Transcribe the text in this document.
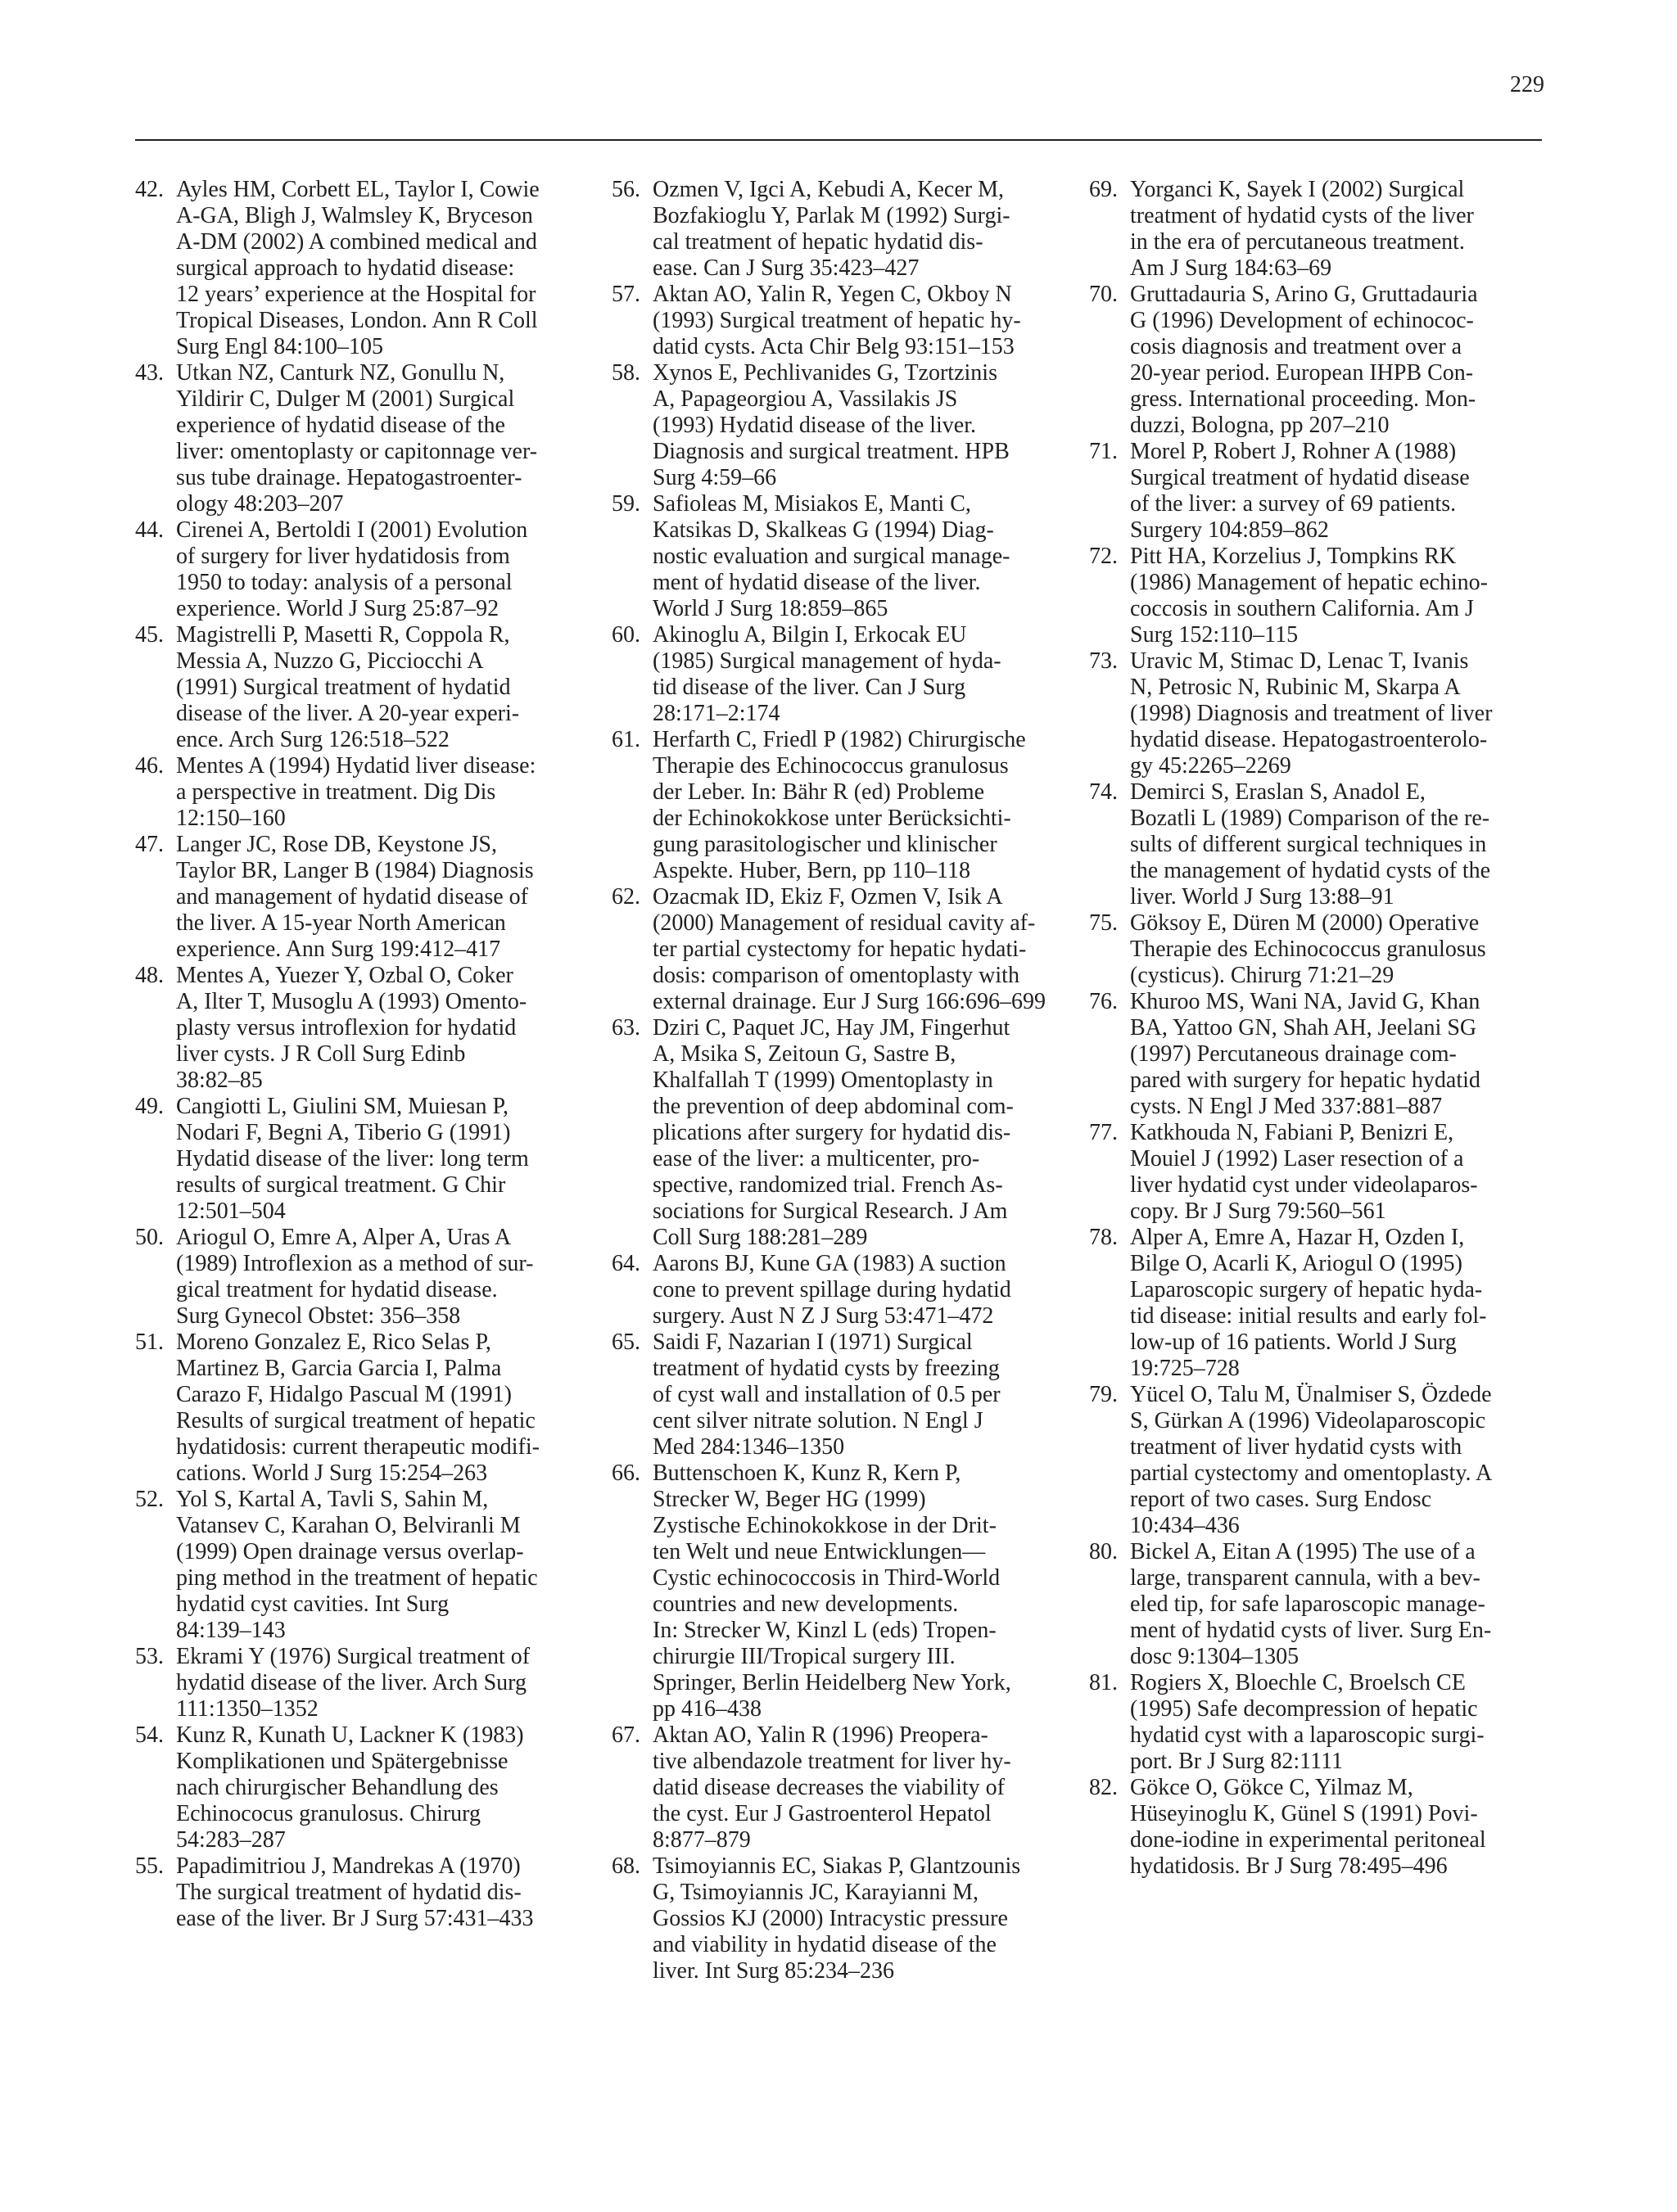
229
42. Ayles HM, Corbett EL, Taylor I, Cowie
A-GA, Bligh J, Walmsley K, Bryceson
A-DM (2002) A combined medical and
surgical approach to hydatid disease:
12 years’ experience at the Hospital for
Tropical Diseases, London. Ann R Coll
Surg Engl 84:100–105
43. Utkan NZ, Canturk NZ, Gonullu N,
Yildirir C, Dulger M (2001) Surgical
experience of hydatid disease of the
liver: omentoplasty or capitonnage ver-
sus tube drainage. Hepatogastroenter-
ology 48:203–207
44. Cirenei A, Bertoldi I (2001) Evolution
of surgery for liver hydatidosis from
1950 to today: analysis of a personal
experience. World J Surg 25:87–92
45. Magistrelli P, Masetti R, Coppola R,
Messia A, Nuzzo G, Picciocchi A
(1991) Surgical treatment of hydatid
disease of the liver. A 20-year experi-
ence. Arch Surg 126:518–522
46. Mentes A (1994) Hydatid liver disease:
a perspective in treatment. Dig Dis
12:150–160
47. Langer JC, Rose DB, Keystone JS,
Taylor BR, Langer B (1984) Diagnosis
and management of hydatid disease of
the liver. A 15-year North American
experience. Ann Surg 199:412–417
48. Mentes A, Yuezer Y, Ozbal O, Coker
A, Ilter T, Musoglu A (1993) Omento-
plasty versus introflexion for hydatid
liver cysts. J R Coll Surg Edinb
38:82–85
49. Cangiotti L, Giulini SM, Muiesan P,
Nodari F, Begni A, Tiberio G (1991)
Hydatid disease of the liver: long term
results of surgical treatment. G Chir
12:501–504
50. Ariogul O, Emre A, Alper A, Uras A
(1989) Introflexion as a method of sur-
gical treatment for hydatid disease.
Surg Gynecol Obstet: 356–358
51. Moreno Gonzalez E, Rico Selas P,
Martinez B, Garcia Garcia I, Palma
Carazo F, Hidalgo Pascual M (1991)
Results of surgical treatment of hepatic
hydatidosis: current therapeutic modifi-
cations. World J Surg 15:254–263
52. Yol S, Kartal A, Tavli S, Sahin M,
Vatansev C, Karahan O, Belviranli M
(1999) Open drainage versus overlap-
ping method in the treatment of hepatic
hydatid cyst cavities. Int Surg
84:139–143
53. Ekrami Y (1976) Surgical treatment of
hydatid disease of the liver. Arch Surg
111:1350–1352
54. Kunz R, Kunath U, Lackner K (1983)
Komplikationen und Spätergebnisse
nach chirurgischer Behandlung des
Echinococus granulosus. Chirurg
54:283–287
55. Papadimitriou J, Mandrekas A (1970)
The surgical treatment of hydatid dis-
ease of the liver. Br J Surg 57:431–433
56. Ozmen V, Igci A, Kebudi A, Kecer M,
Bozfakioglu Y, Parlak M (1992) Surgi-
cal treatment of hepatic hydatid dis-
ease. Can J Surg 35:423–427
57. Aktan AO, Yalin R, Yegen C, Okboy N
(1993) Surgical treatment of hepatic hy-
datid cysts. Acta Chir Belg 93:151–153
58. Xynos E, Pechlivanides G, Tzortzinis
A, Papageorgiou A, Vassilakis JS
(1993) Hydatid disease of the liver.
Diagnosis and surgical treatment. HPB
Surg 4:59–66
59. Safioleas M, Misiakos E, Manti C,
Katsikas D, Skalkeas G (1994) Diag-
nostic evaluation and surgical manage-
ment of hydatid disease of the liver.
World J Surg 18:859–865
60. Akinoglu A, Bilgin I, Erkocak EU
(1985) Surgical management of hyda-
tid disease of the liver. Can J Surg
28:171–2:174
61. Herfarth C, Friedl P (1982) Chirurgische
Therapie des Echinococcus granulosus
der Leber. In: Bähr R (ed) Probleme
der Echinokokkose unter Berücksichti-
gung parasitologischer und klinischer
Aspekte. Huber, Bern, pp 110–118
62. Ozacmak ID, Ekiz F, Ozmen V, Isik A
(2000) Management of residual cavity af-
ter partial cystectomy for hepatic hydati-
dosis: comparison of omentoplasty with
external drainage. Eur J Surg 166:696–699
63. Dziri C, Paquet JC, Hay JM, Fingerhut
A, Msika S, Zeitoun G, Sastre B,
Khalfallah T (1999) Omentoplasty in
the prevention of deep abdominal com-
plications after surgery for hydatid dis-
ease of the liver: a multicenter, pro-
spective, randomized trial. French As-
sociations for Surgical Research. J Am
Coll Surg 188:281–289
64. Aarons BJ, Kune GA (1983) A suction
cone to prevent spillage during hydatid
surgery. Aust N Z J Surg 53:471–472
65. Saidi F, Nazarian I (1971) Surgical
treatment of hydatid cysts by freezing
of cyst wall and installation of 0.5 per
cent silver nitrate solution. N Engl J
Med 284:1346–1350
66. Buttenschoen K, Kunz R, Kern P,
Strecker W, Beger HG (1999)
Zystische Echinokokkose in der Drit-
ten Welt und neue Entwicklungen—
Cystic echinococcosis in Third-World
countries and new developments.
In: Strecker W, Kinzl L (eds) Tropen-
chirurgie III/Tropical surgery III.
Springer, Berlin Heidelberg New York,
pp 416–438
67. Aktan AO, Yalin R (1996) Preopera-
tive albendazole treatment for liver hy-
datid disease decreases the viability of
the cyst. Eur J Gastroenterol Hepatol
8:877–879
68. Tsimoyiannis EC, Siakas P, Glantzounis
G, Tsimoyiannis JC, Karayianni M,
Gossios KJ (2000) Intracystic pressure
and viability in hydatid disease of the
liver. Int Surg 85:234–236
69. Yorganci K, Sayek I (2002) Surgical
treatment of hydatid cysts of the liver
in the era of percutaneous treatment.
Am J Surg 184:63–69
70. Gruttadauria S, Arino G, Gruttadauria
G (1996) Development of echinococ-
cosis diagnosis and treatment over a
20-year period. European IHPB Con-
gress. International proceeding. Mon-
duzzi, Bologna, pp 207–210
71. Morel P, Robert J, Rohner A (1988)
Surgical treatment of hydatid disease
of the liver: a survey of 69 patients.
Surgery 104:859–862
72. Pitt HA, Korzelius J, Tompkins RK
(1986) Management of hepatic echino-
coccosis in southern California. Am J
Surg 152:110–115
73. Uravic M, Stimac D, Lenac T, Ivanis
N, Petrosic N, Rubinic M, Skarpa A
(1998) Diagnosis and treatment of liver
hydatid disease. Hepatogastroenterolo-
gy 45:2265–2269
74. Demirci S, Eraslan S, Anadol E,
Bozatli L (1989) Comparison of the re-
sults of different surgical techniques in
the management of hydatid cysts of the
liver. World J Surg 13:88–91
75. Göksoy E, Düren M (2000) Operative
Therapie des Echinococcus granulosus
(cysticus). Chirurg 71:21–29
76. Khuroo MS, Wani NA, Javid G, Khan
BA, Yattoo GN, Shah AH, Jeelani SG
(1997) Percutaneous drainage com-
pared with surgery for hepatic hydatid
cysts. N Engl J Med 337:881–887
77. Katkhouda N, Fabiani P, Benizri E,
Mouiel J (1992) Laser resection of a
liver hydatid cyst under videolaparos-
copy. Br J Surg 79:560–561
78. Alper A, Emre A, Hazar H, Ozden I,
Bilge O, Acarli K, Ariogul O (1995)
Laparoscopic surgery of hepatic hyda-
tid disease: initial results and early fol-
low-up of 16 patients. World J Surg
19:725–728
79. Yücel O, Talu M, Ünalmiser S, Özdede
S, Gürkan A (1996) Videolaparoscopic
treatment of liver hydatid cysts with
partial cystectomy and omentoplasty. A
report of two cases. Surg Endosc
10:434–436
80. Bickel A, Eitan A (1995) The use of a
large, transparent cannula, with a bev-
eled tip, for safe laparoscopic manage-
ment of hydatid cysts of liver. Surg En-
dosc 9:1304–1305
81. Rogiers X, Bloechle C, Broelsch CE
(1995) Safe decompression of hepatic
hydatid cyst with a laparoscopic surgi-
port. Br J Surg 82:1111
82. Gökce O, Gökce C, Yilmaz M,
Hüseyinoglu K, Günel S (1991) Povi-
done-iodine in experimental peritoneal
hydatidosis. Br J Surg 78:495–496
